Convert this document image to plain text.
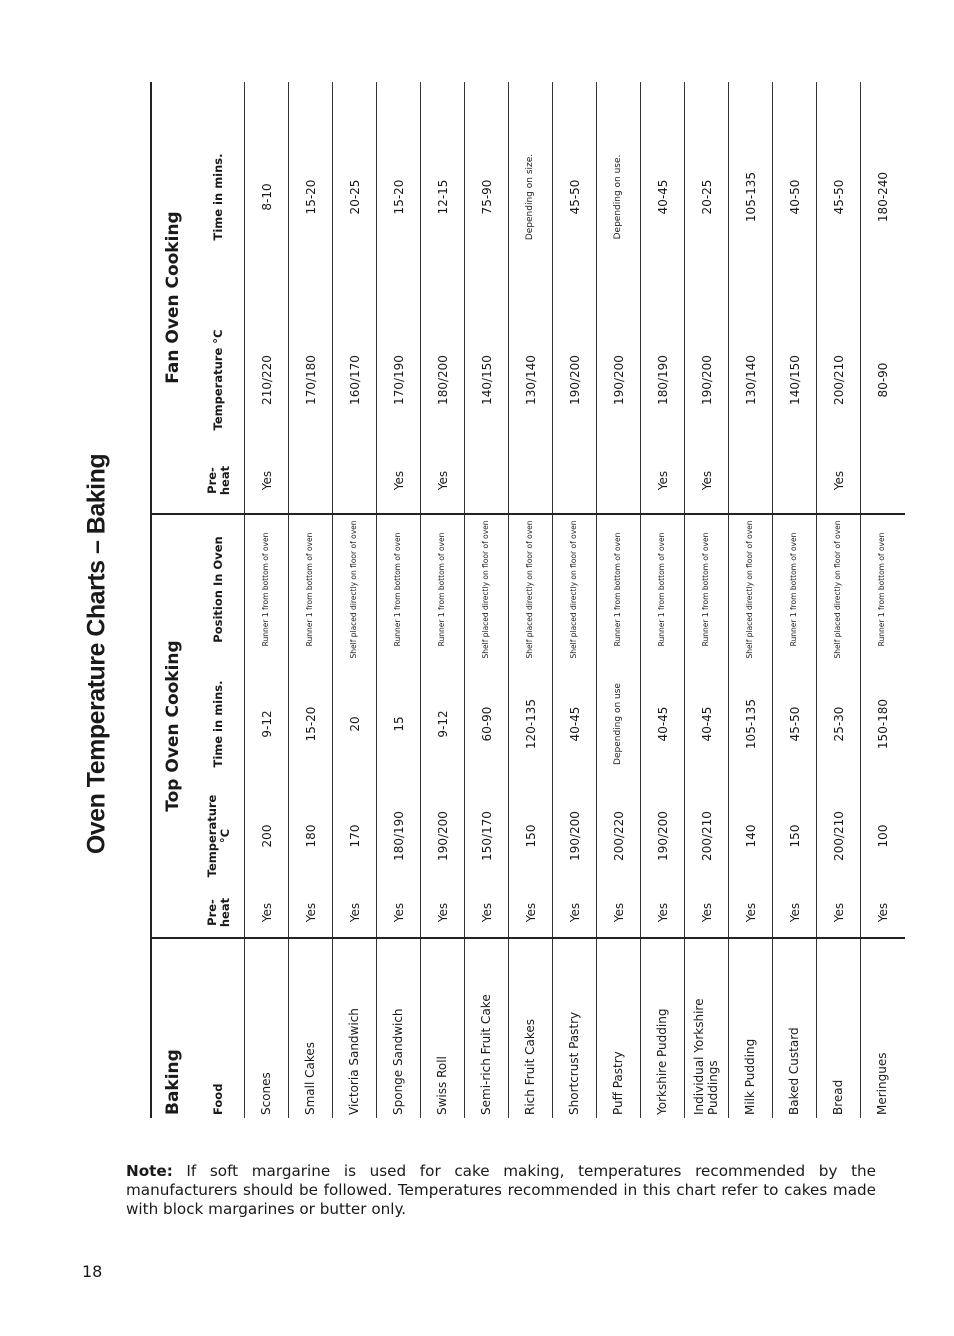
Oven Temperature Charts – Baking
Baking	Top Oven Cooking				Fan Oven Cooking		
Food	Pre- heat	Temperature °C	Time in mins.	Position In Oven	Pre- heat	Temperature °C	Time in mins.
Scones	Yes	200	9-12	Runner 1 from bottom of oven	Yes	210/220	8-10
Small Cakes	Yes	180	15-20	Runner 1 from bottom of oven		170/180	15-20
Victoria Sandwich	Yes	170	20	Shelf placed directly on floor of oven		160/170	20-25
Sponge Sandwich	Yes	180/190	15	Runner 1 from bottom of oven	Yes	170/190	15-20
Swiss Roll	Yes	190/200	9-12	Runner 1 from bottom of oven	Yes	180/200	12-15
Semi-rich Fruit Cake	Yes	150/170	60-90	Shelf placed directly on floor of oven		140/150	75-90
Rich Fruit Cakes	Yes	150	120-135	Shelf placed directly on floor of oven		130/140	Depending on size.
Shortcrust Pastry	Yes	190/200	40-45	Shelf placed directly on floor of oven		190/200	45-50
Puff Pastry	Yes	200/220	Depending on use	Runner 1 from bottom of oven		190/200	Depending on use.
Yorkshire Pudding	Yes	190/200	40-45	Runner 1 from bottom of oven	Yes	180/190	40-45
Individual Yorkshire Puddings	Yes	200/210	40-45	Runner 1 from bottom of oven	Yes	190/200	20-25
Milk Pudding	Yes	140	105-135	Shelf placed directly on floor of oven		130/140	105-135
Baked Custard	Yes	150	45-50	Runner 1 from bottom of oven		140/150	40-50
Bread	Yes	200/210	25-30	Shelf placed directly on floor of oven	Yes	200/210	45-50
Meringues	Yes	100	150-180	Runner 1 from bottom of oven		80-90	180-240

Note: If soft margarine is used for cake making, temperatures recommended by the manufacturers should be followed. Temperatures recommended in this chart refer to cakes made with block margarines or butter only.

18
